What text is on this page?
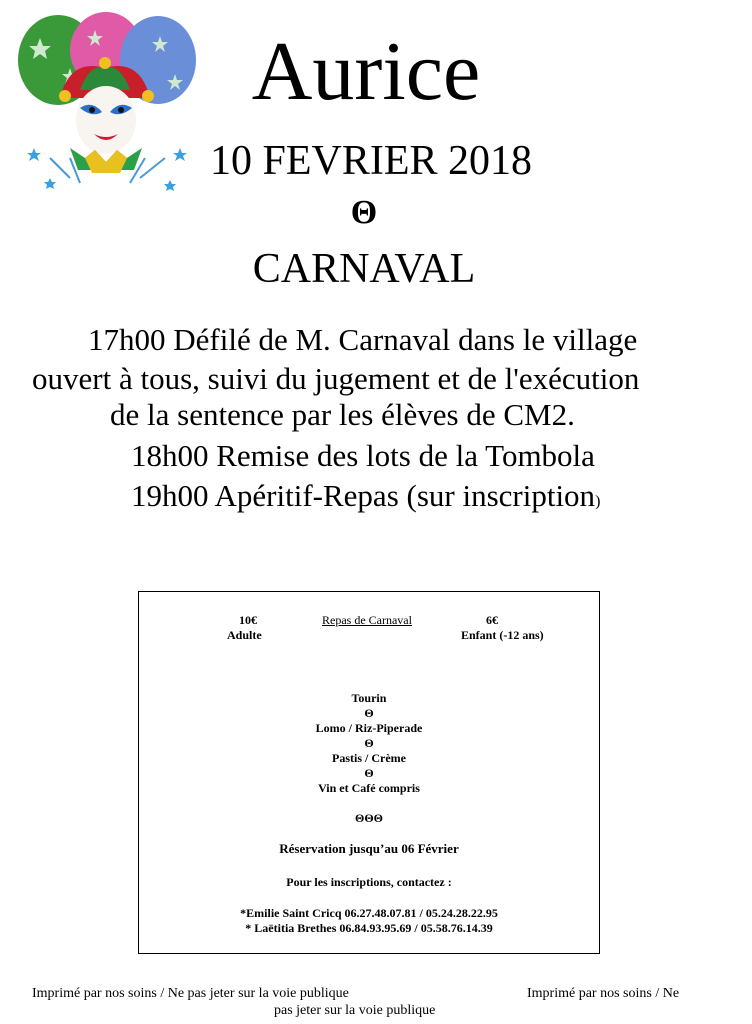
Aurice
10 FEVRIER 2018
Θ
CARNAVAL
17h00 Défilé de M. Carnaval dans le village
ouvert à tous, suivi du jugement et de l'exécution
de la sentence par les élèves de CM2.
18h00 Remise des lots de la Tombola
19h00 Apéritif-Repas (sur inscription)
10€
Adulte
Repas de Carnaval	6€
Enfant (-12 ans)
Tourin
Θ
Lomo / Riz-Piperade
Θ
Pastis / Crème
Θ
Vin et Café compris
ΘΘΘ
Réservation jusqu’au 06 Février
Pour les inscriptions, contactez :
*Emilie Saint Cricq 06.27.48.07.81 / 05.24.28.22.95
* Laëtitia Brethes 06.84.93.95.69 / 05.58.76.14.39
Imprimé par nos soins / Ne pas jeter sur la voie publique
pas jeter sur la voie publique
Imprimé par nos soins / Ne
